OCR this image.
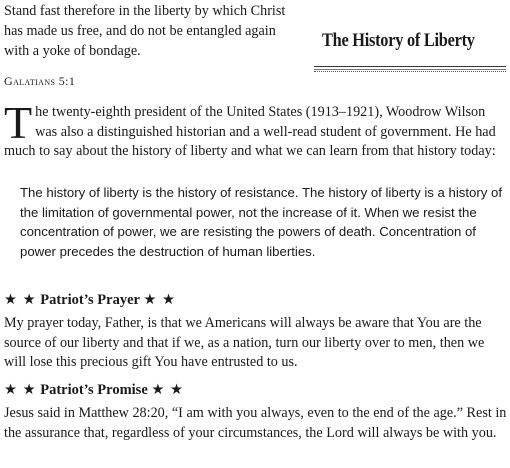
Stand fast therefore in the liberty by which Christ has made us free, and do not be entangled again with a yoke of bondage.
Galatians 5:1
The History of Liberty
The twenty-eighth president of the United States (1913–1921), Woodrow Wilson was also a distinguished historian and a well-read student of government. He had much to say about the history of liberty and what we can learn from that history today:
The history of liberty is the history of resistance. The history of liberty is a history of the limitation of governmental power, not the increase of it. When we resist the concentration of power, we are resisting the powers of death. Concentration of power precedes the destruction of human liberties.
★ ★ Patriot’s Prayer ★ ★
My prayer today, Father, is that we Americans will always be aware that You are the source of our liberty and that if we, as a nation, turn our liberty over to men, then we will lose this precious gift You have entrusted to us.
★ ★ Patriot’s Promise ★ ★
Jesus said in Matthew 28:20, “I am with you always, even to the end of the age.” Rest in the assurance that, regardless of your circumstances, the Lord will always be with you.
